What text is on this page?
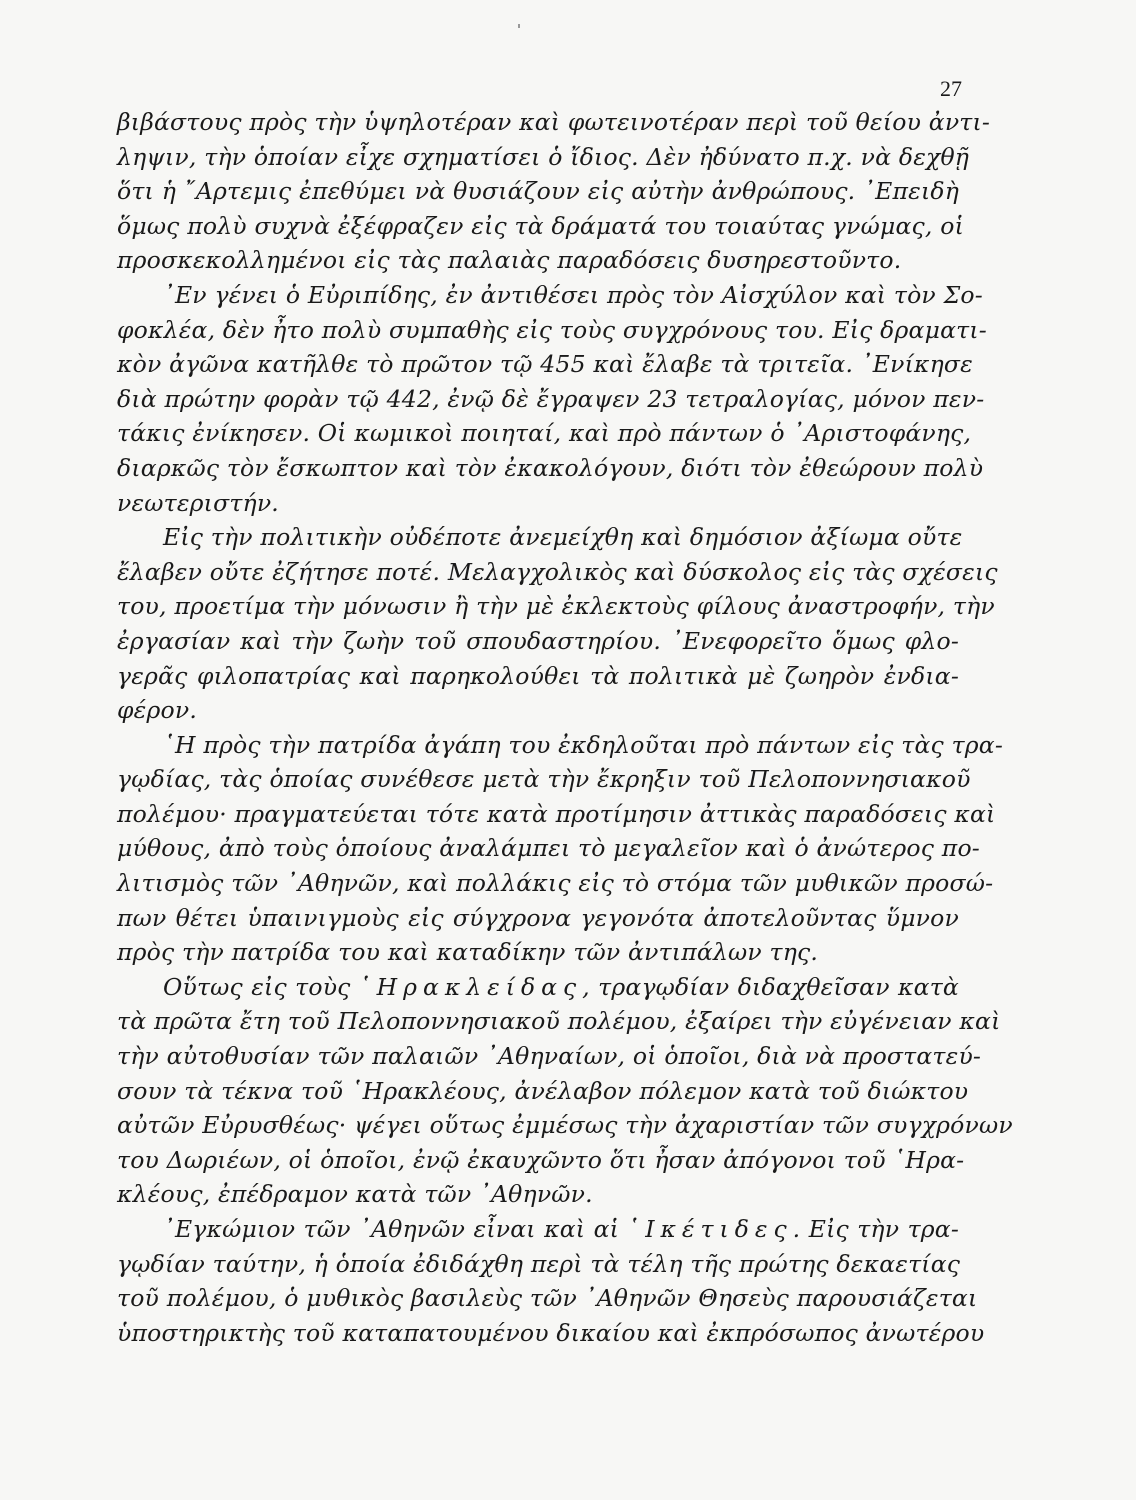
27
βιβάστους πρὸς τὴν ὑψηλοτέραν καὶ φωτεινοτέραν περὶ τοῦ θείου ἀντι-
ληψιν, τὴν ὁποίαν εἶχε σχηματίσει ὁ ἴδιος. Δὲν ἠδύνατο π.χ. νὰ δεχθῇ
ὅτι ἡ ῎Αρτεμις ἐπεθύμει νὰ θυσιάζουν εἰς αὐτὴν ἀνθρώπους. ᾿Επειδὴ
ὅμως πολὺ συχνὰ ἐξέφραζεν εἰς τὰ δράματά του τοιαύτας γνώμας, οἱ
προσκεκολλημένοι εἰς τὰς παλαιὰς παραδόσεις δυσηρεστοῦντο.
᾿Εν γένει ὁ Εὐριπίδης, ἐν ἀντιθέσει πρὸς τὸν Αἰσχύλον καὶ τὸν Σο-
φοκλέα, δὲν ἦτο πολὺ συμπαθὴς εἰς τοὺς συγχρόνους του. Εἰς δραματι-
κὸν ἀγῶνα κατῆλθε τὸ πρῶτον τῷ 455 καὶ ἔλαβε τὰ τριτεῖα. ᾿Ενίκησε
διὰ πρώτην φορὰν τῷ 442, ἐνῷ δὲ ἔγραψεν 23 τετραλογίας, μόνον πεν-
τάκις ἐνίκησεν. Οἱ κωμικοὶ ποιηταί, καὶ πρὸ πάντων ὁ ᾿Αριστοφάνης,
διαρκῶς τὸν ἔσκωπτον καὶ τὸν ἐκακολόγουν, διότι τὸν ἐθεώρουν πολὺ
νεωτεριστήν.
Εἰς τὴν πολιτικὴν οὐδέποτε ἀνεμείχθη καὶ δημόσιον ἀξίωμα οὔτε
ἔλαβεν οὔτε ἐζήτησε ποτέ. Μελαγχολικὸς καὶ δύσκολος εἰς τὰς σχέσεις
του, προετίμα τὴν μόνωσιν ἢ τὴν μὲ ἐκλεκτοὺς φίλους ἀναστροφήν, τὴν
ἐργασίαν καὶ τὴν ζωὴν τοῦ σπουδαστηρίου. ᾿Ενεφορεῖτο ὅμως φλο-
γερᾶς φιλοπατρίας καὶ παρηκολούθει τὰ πολιτικὰ μὲ ζωηρὸν ἐνδια-
φέρον.
῾Η πρὸς τὴν πατρίδα ἀγάπη του ἐκδηλοῦται πρὸ πάντων εἰς τὰς τρα-
γῳδίας, τὰς ὁποίας συνέθεσε μετὰ τὴν ἔκρηξιν τοῦ Πελοποννησιακοῦ
πολέμου· πραγματεύεται τότε κατὰ προτίμησιν ἀττικὰς παραδόσεις καὶ
μύθους, ἀπὸ τοὺς ὁποίους ἀναλάμπει τὸ μεγαλεῖον καὶ ὁ ἀνώτερος πο-
λιτισμὸς τῶν ᾿Αθηνῶν, καὶ πολλάκις εἰς τὸ στόμα τῶν μυθικῶν προσώ-
πων θέτει ὑπαινιγμοὺς εἰς σύγχρονα γεγονότα ἀποτελοῦντας ὕμνον
πρὸς τὴν πατρίδα του καὶ καταδίκην τῶν ἀντιπάλων της.
Οὕτως εἰς τοὺς ῾Ηρακλείδας, τραγῳδίαν διδαχθεῖσαν κατὰ
τὰ πρῶτα ἔτη τοῦ Πελοποννησιακοῦ πολέμου, ἐξαίρει τὴν εὐγένειαν καὶ
τὴν αὐτοθυσίαν τῶν παλαιῶν ᾿Αθηναίων, οἱ ὁποῖοι, διὰ νὰ προστατεύ-
σουν τὰ τέκνα τοῦ ῾Ηρακλέους, ἀνέλαβον πόλεμον κατὰ τοῦ διώκτου
αὐτῶν Εὐρυσθέως· ψέγει οὕτως ἐμμέσως τὴν ἀχαριστίαν τῶν συγχρόνων
του Δωριέων, οἱ ὁποῖοι, ἐνῷ ἐκαυχῶντο ὅτι ἦσαν ἀπόγονοι τοῦ ῾Ηρα-
κλέους, ἐπέδραμον κατὰ τῶν ᾿Αθηνῶν.
᾿Εγκώμιον τῶν ᾿Αθηνῶν εἶναι καὶ αἱ ῾Ικέτιδες. Εἰς τὴν τρα-
γῳδίαν ταύτην, ἡ ὁποία ἐδιδάχθη περὶ τὰ τέλη τῆς πρώτης δεκαετίας
τοῦ πολέμου, ὁ μυθικὸς βασιλεὺς τῶν ᾿Αθηνῶν Θησεὺς παρουσιάζεται
ὑποστηρικτὴς τοῦ καταπατουμένου δικαίου καὶ ἐκπρόσωπος ἀνωτέρου
